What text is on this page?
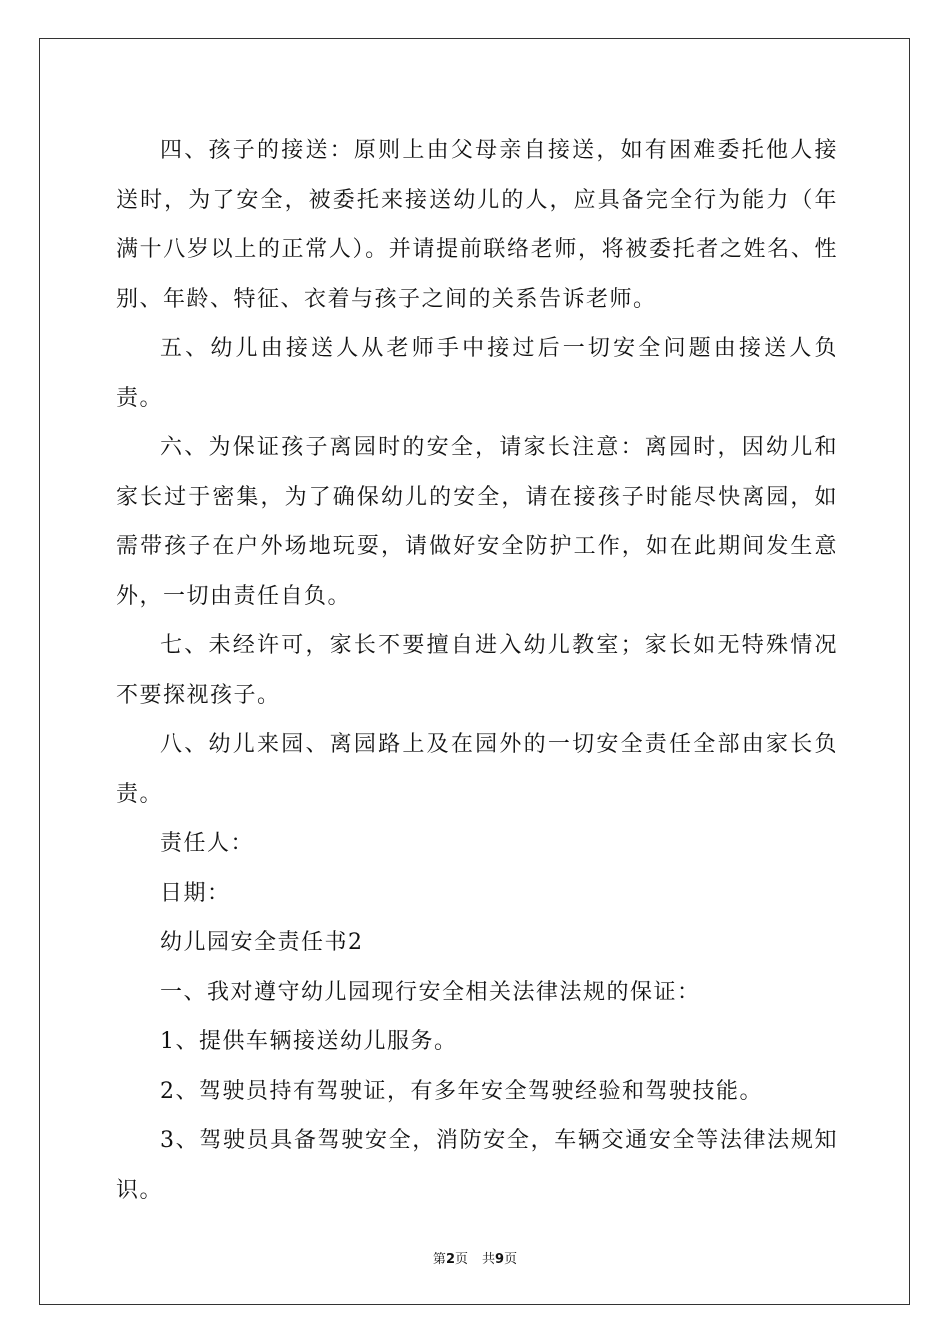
四、孩子的接送：原则上由父母亲自接送，如有困难委托他人接送时，为了安全，被委托来接送幼儿的人，应具备完全行为能力（年满十八岁以上的正常人）。并请提前联络老师，将被委托者之姓名、性别、年龄、特征、衣着与孩子之间的关系告诉老师。

五、幼儿由接送人从老师手中接过后一切安全问题由接送人负责。

六、为保证孩子离园时的安全，请家长注意：离园时，因幼儿和家长过于密集，为了确保幼儿的安全，请在接孩子时能尽快离园，如需带孩子在户外场地玩耍，请做好安全防护工作，如在此期间发生意外，一切由责任自负。

七、未经许可，家长不要擅自进入幼儿教室；家长如无特殊情况不要探视孩子。

八、幼儿来园、离园路上及在园外的一切安全责任全部由家长负责。

责任人：

日期：

幼儿园安全责任书2

一、我对遵守幼儿园现行安全相关法律法规的保证：

1、提供车辆接送幼儿服务。

2、驾驶员持有驾驶证，有多年安全驾驶经验和驾驶技能。

3、驾驶员具备驾驶安全，消防安全，车辆交通安全等法律法规知识。

第2页 共9页
